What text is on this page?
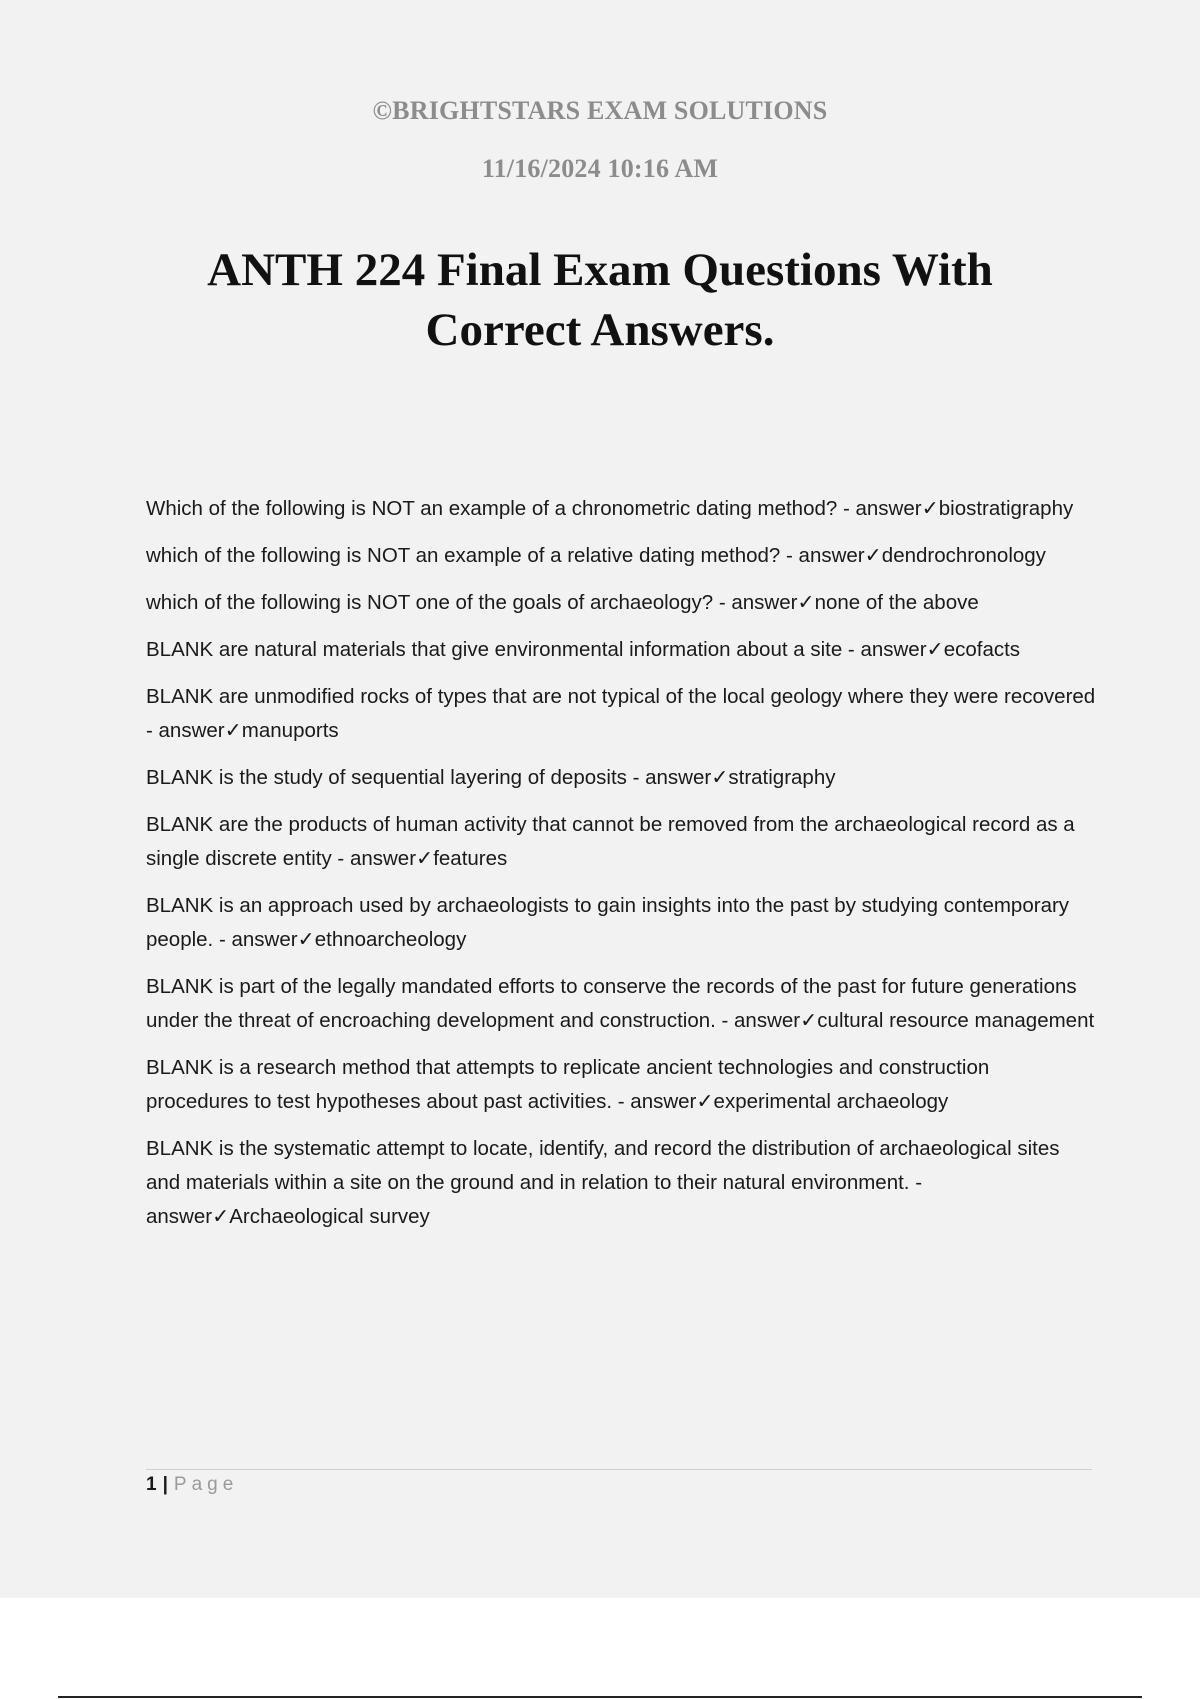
©BRIGHTSTARS EXAM SOLUTIONS

11/16/2024 10:16 AM

ANTH 224 Final Exam Questions With
Correct Answers.
Which of the following is NOT an example of a chronometric dating method? - answer✓biostratigraphy
which of the following is NOT an example of a relative dating method? - answer✓dendrochronology
which of the following is NOT one of the goals of archaeology? - answer✓none of the above
BLANK are natural materials that give environmental information about a site - answer✓ecofacts
BLANK are unmodified rocks of types that are not typical of the local geology where they were recovered - answer✓manuports
BLANK is the study of sequential layering of deposits - answer✓stratigraphy
BLANK are the products of human activity that cannot be removed from the archaeological record as a single discrete entity - answer✓features
BLANK is an approach used by archaeologists to gain insights into the past by studying contemporary people. - answer✓ethnoarcheology
BLANK is part of the legally mandated efforts to conserve the records of the past for future generations under the threat of encroaching development and construction. - answer✓cultural resource management
BLANK is a research method that attempts to replicate ancient technologies and construction procedures to test hypotheses about past activities. - answer✓experimental archaeology
BLANK is the systematic attempt to locate, identify, and record the distribution of archaeological sites and materials within a site on the ground and in relation to their natural environment. - answer✓Archaeological survey
1 | Page
